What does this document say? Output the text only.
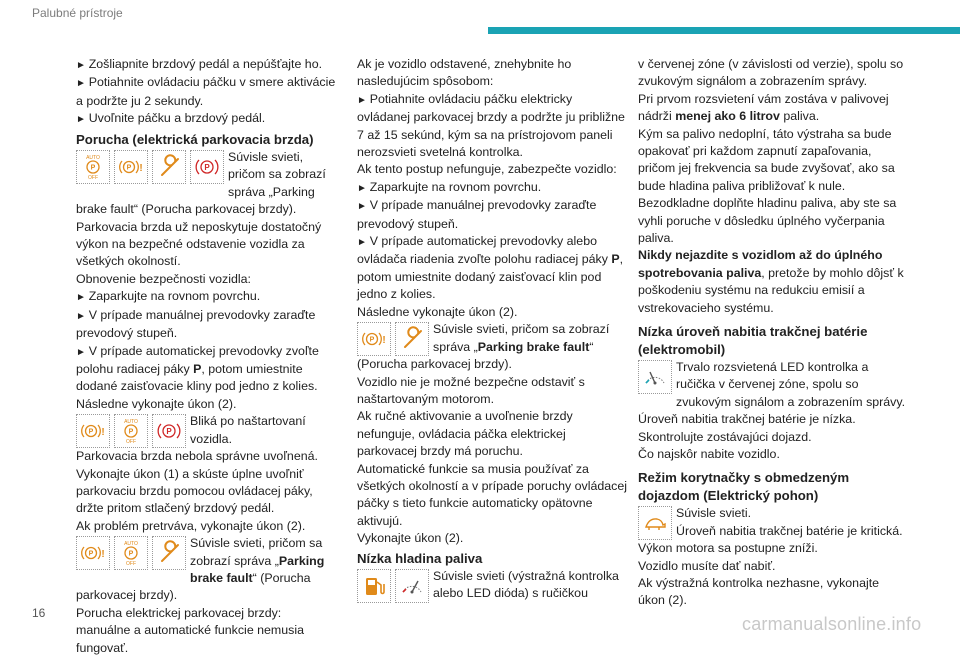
Palubné prístroje

► Zošliapnite brzdový pedál a nepúšťajte ho.

► Potiahnite ovládaciu páčku v smere aktivácie a podržte ju 2 sekundy.

► Uvoľnite páčku a brzdový pedál.

Porucha (elektrická parkovacia brzda)
AUTO
P
OFF
P !	P
Súvisle svieti, pričom sa zobrazí správa „Parking brake fault“ (Porucha parkovacej brzdy).

Parkovacia brzda už neposkytuje dostatočný výkon na bezpečné odstavenie vozidla za všetkých okolností.

Obnovenie bezpečnosti vozidla:

► Zaparkujte na rovnom povrchu.

► V prípade manuálnej prevodovky zaraďte prevodový stupeň.

► V prípade automatickej prevodovky zvoľte polohu radiacej páky P, potom umiestnite dodané zaisťovacie kliny pod jedno z kolies.

Následne vykonajte úkon (2).

P !
AUTO
P
OFF
P
Bliká po naštartovaní vozidla.

Parkovacia brzda nebola správne uvoľnená.

Vykonajte úkon (1) a skúste úplne uvoľniť parkovaciu brzdu pomocou ovládacej páky, držte pritom stlačený brzdový pedál.

Ak problém pretrváva, vykonajte úkon (2).

P !
AUTO
P
OFF
Súvisle svieti, pričom sa zobrazí správa „Parking brake fault“ (Porucha parkovacej brzdy).

Porucha elektrickej parkovacej brzdy: manuálne a automatické funkcie nemusia fungovať.

Ak je vozidlo odstavené, znehybnite ho nasledujúcim spôsobom:

► Potiahnite ovládaciu páčku elektricky ovládanej parkovacej brzdy a podržte ju približne 7 až 15 sekúnd, kým sa na prístrojovom paneli nerozsvieti svetelná kontrolka.

Ak tento postup nefunguje, zabezpečte vozidlo:

► Zaparkujte na rovnom povrchu.

► V prípade manuálnej prevodovky zaraďte prevodový stupeň.

► V prípade automatickej prevodovky alebo ovládača riadenia zvoľte polohu radiacej páky P, potom umiestnite dodaný zaisťovací klin pod jedno z kolies.

Následne vykonajte úkon (2).

P !
Súvisle svieti, pričom sa zobrazí správa „Parking brake fault“

(Porucha parkovacej brzdy).

Vozidlo nie je možné bezpečne odstaviť s naštartovaným motorom.

Ak ručné aktivovanie a uvoľnenie brzdy nefunguje, ovládacia páčka elektrickej parkovacej brzdy má poruchu.

Automatické funkcie sa musia používať za všetkých okolností a v prípade poruchy ovládacej páčky s tieto funkcie automaticky opätovne aktivujú.

Vykonajte úkon (2).

Nízka hladina paliva
Súvisle svieti (výstražná kontrolka alebo LED dióda) s ručičkou

v červenej zóne (v závislosti od verzie), spolu so zvukovým signálom a zobrazením správy.

Pri prvom rozsvietení vám zostáva v palivovej nádrži menej ako 6 litrov paliva.

Kým sa palivo nedoplní, táto výstraha sa bude opakovať pri každom zapnutí zapaľovania, pričom jej frekvencia sa bude zvyšovať, ako sa bude hladina paliva približovať k nule.

Bezodkladne doplňte hladinu paliva, aby ste sa vyhli poruche v dôsledku úplného vyčerpania paliva.

Nikdy nejazdite s vozidlom až do úplného spotrebovania paliva, pretože by mohlo dôjsť k poškodeniu systému na redukciu emisií a vstrekovacieho systému.

Nízka úroveň nabitia trakčnej batérie (elektromobil)
Trvalo rozsvietená LED kontrolka a ručička v červenej zóne, spolu so zvukovým signálom a zobrazením správy.

Úroveň nabitia trakčnej batérie je nízka.

Skontrolujte zostávajúci dojazd.

Čo najskôr nabite vozidlo.

Režim korytnačky s obmedzeným dojazdom (Elektrický pohon)
Súvisle svieti.
Úroveň nabitia trakčnej batérie je kritická.

Výkon motora sa postupne zníži.

Vozidlo musíte dať nabiť.

Ak výstražná kontrolka nezhasne, vykonajte úkon (2).

16
carmanualsonline.info
